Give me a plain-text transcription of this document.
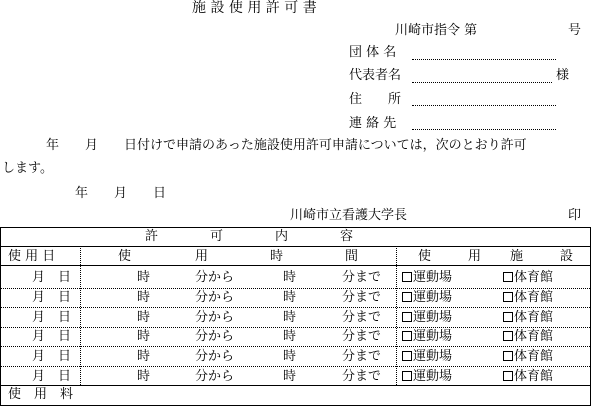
施 設 使 用 許 可 書
川崎市指令 第	号
団 体 名
代表者名	様
住　　所
連 絡 先
年　　月　　日付けで申請のあった施設使用許可申請については，次のとおり許可
します。
年　　月　　日
川崎市立看護大学長	印
許　　　　可　　　　内　　　　容
使 用 日	使	用	時	間	使	用 施	設
月　日	時	分から	時	分まで	運動場	体育館
月　日	時	分から	時	分まで	運動場	体育館
月　日	時	分から	時	分まで	運動場	体育館
月　日	時	分から	時	分まで	運動場	体育館
月　日	時	分から	時	分まで	運動場	体育館
月　日	時	分から	時	分まで	運動場	体育館
使　用　料
